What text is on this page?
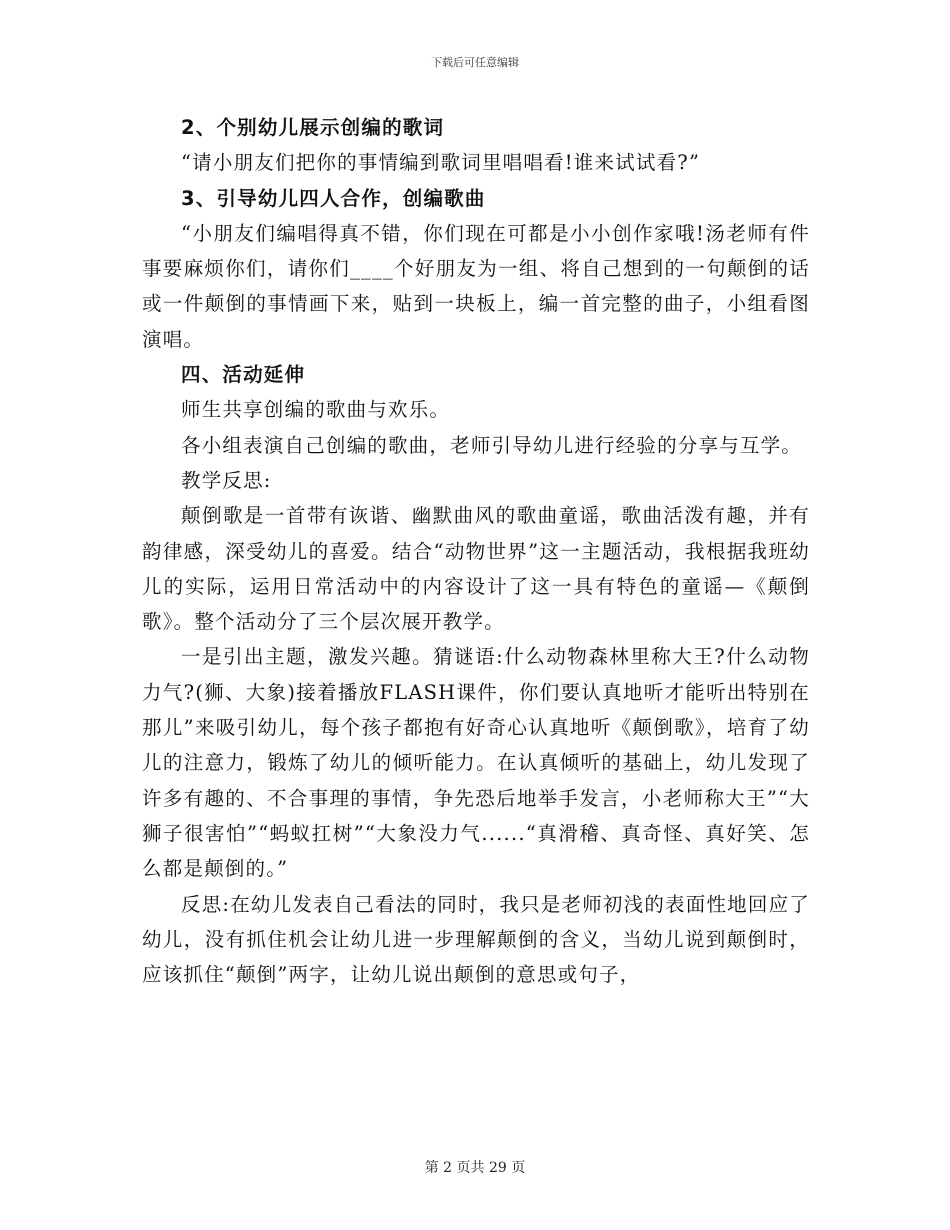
下载后可任意编辑

2、个别幼儿展示创编的歌词

“请小朋友们把你的事情编到歌词里唱唱看!谁来试试看?”

3、引导幼儿四人合作，创编歌曲

“小朋友们编唱得真不错，你们现在可都是小小创作家哦!汤老师有件事要麻烦你们，请你们____个好朋友为一组、将自己想到的一句颠倒的话或一件颠倒的事情画下来，贴到一块板上，编一首完整的曲子，小组看图演唱。

四、活动延伸

师生共享创编的歌曲与欢乐。

各小组表演自己创编的歌曲，老师引导幼儿进行经验的分享与互学。

教学反思:

颠倒歌是一首带有诙谐、幽默曲风的歌曲童谣，歌曲活泼有趣，并有韵律感，深受幼儿的喜爱。结合“动物世界”这一主题活动，我根据我班幼儿的实际，运用日常活动中的内容设计了这一具有特色的童谣—《颠倒歌》。整个活动分了三个层次展开教学。

一是引出主题，激发兴趣。猜谜语:什么动物森林里称大王?什么动物力气?(狮、大象)接着播放FLASH课件，你们要认真地听才能听出特别在那儿”来吸引幼儿，每个孩子都抱有好奇心认真地听《颠倒歌》，培育了幼儿的注意力，锻炼了幼儿的倾听能力。在认真倾听的基础上，幼儿发现了许多有趣的、不合事理的事情，争先恐后地举手发言，小老师称大王”“大狮子很害怕”“蚂蚁扛树”“大象没力气......“真滑稽、真奇怪、真好笑、怎么都是颠倒的。”

反思:在幼儿发表自己看法的同时，我只是老师初浅的表面性地回应了幼儿，没有抓住机会让幼儿进一步理解颠倒的含义，当幼儿说到颠倒时，应该抓住“颠倒”两字，让幼儿说出颠倒的意思或句子，

第 2 页共 29 页
